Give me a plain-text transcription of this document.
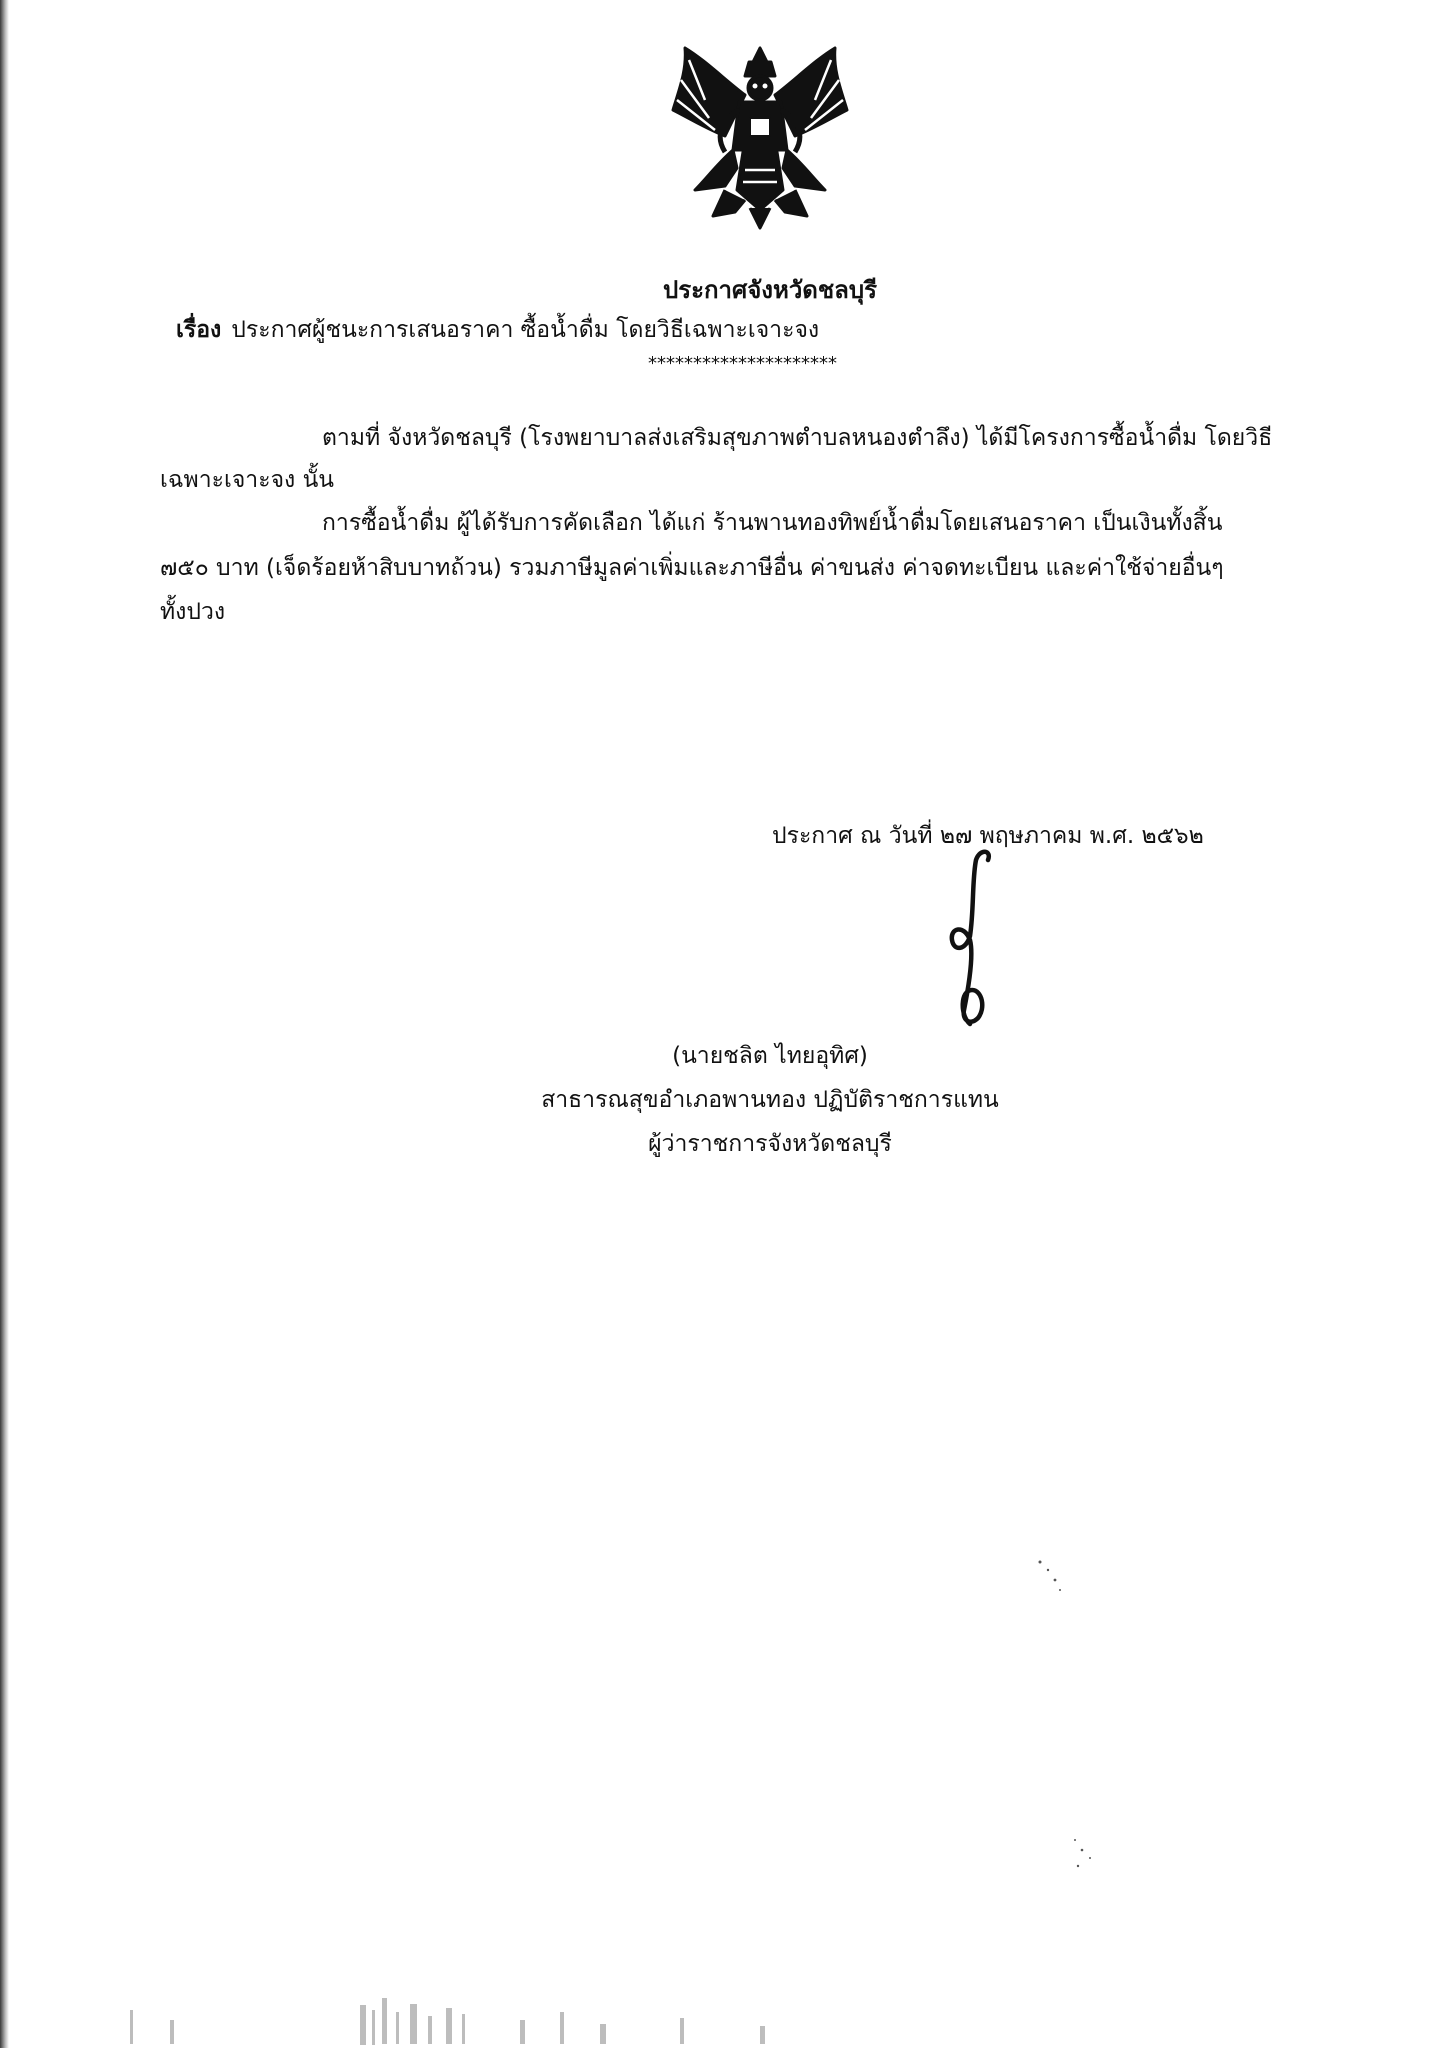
ประกาศจังหวัดชลบุรี
เรื่อง ประกาศผู้ชนะการเสนอราคา ซื้อน้ำดื่ม โดยวิธีเฉพาะเจาะจง
*********************
ตามที่ จังหวัดชลบุรี (โรงพยาบาลส่งเสริมสุขภาพตำบลหนองตำลึง) ได้มีโครงการซื้อน้ำดื่ม โดยวิธี
เฉพาะเจาะจง นั้น
การซื้อน้ำดื่ม ผู้ได้รับการคัดเลือก ได้แก่ ร้านพานทองทิพย์น้ำดื่มโดยเสนอราคา เป็นเงินทั้งสิ้น
๗๕๐ บาท (เจ็ดร้อยห้าสิบบาทถ้วน) รวมภาษีมูลค่าเพิ่มและภาษีอื่น ค่าขนส่ง ค่าจดทะเบียน และค่าใช้จ่ายอื่นๆ
ทั้งปวง
ประกาศ ณ วันที่ ๒๗ พฤษภาคม พ.ศ. ๒๕๖๒
(นายชลิต ไทยอุทิศ)
สาธารณสุขอำเภอพานทอง ปฏิบัติราชการแทน
ผู้ว่าราชการจังหวัดชลบุรี
